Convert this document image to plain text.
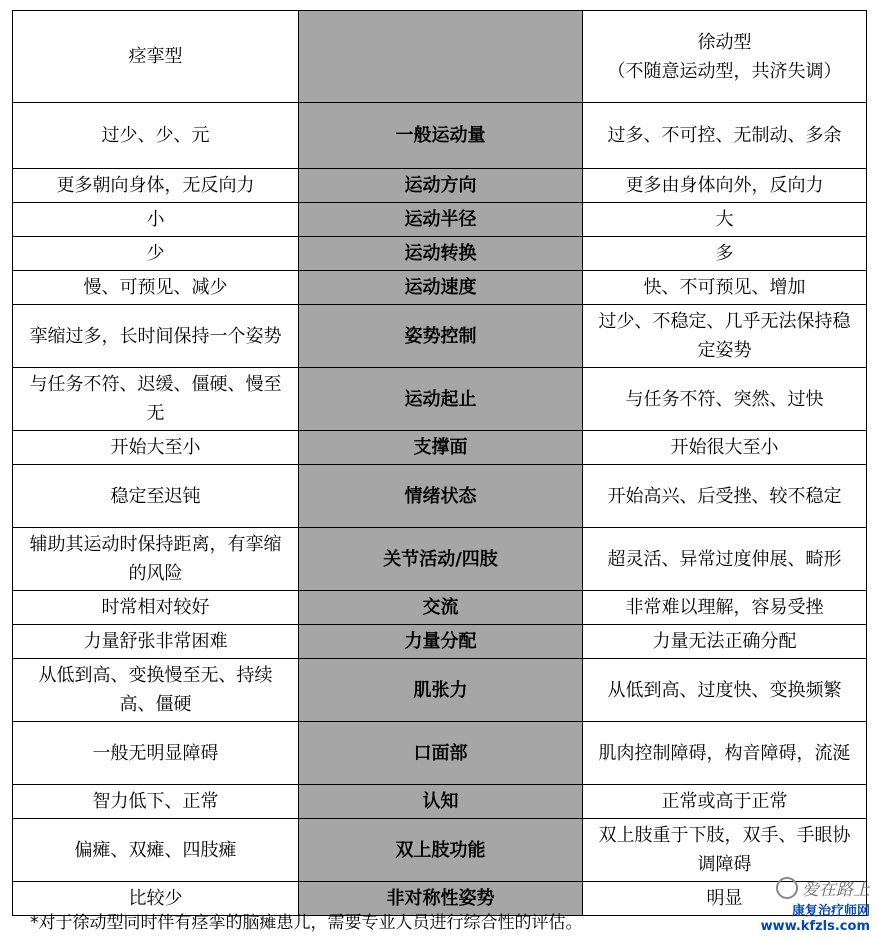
痉挛型		徐动型
（不随意运动型，共济失调）
过少、少、元	一般运动量	过多、不可控、无制动、多余
更多朝向身体，无反向力	运动方向	更多由身体向外，反向力
小	运动半径	大
少	运动转换	多
慢、可预见、减少	运动速度	快、不可预见、增加
挛缩过多，长时间保持一个姿势	姿势控制	过少、不稳定、几乎无法保持稳定姿势
与任务不符、迟缓、僵硬、慢至无	运动起止	与任务不符、突然、过快
开始大至小	支撑面	开始很大至小
稳定至迟钝	情绪状态	开始高兴、后受挫、较不稳定
辅助其运动时保持距离，有挛缩的风险	关节活动/四肢	超灵活、异常过度伸展、畸形
时常相对较好	交流	非常难以理解，容易受挫
力量舒张非常困难	力量分配	力量无法正确分配
从低到高、变换慢至无、持续高、僵硬	肌张力	从低到高、过度快、变换频繁
一般无明显障碍	口面部	肌肉控制障碍，构音障碍，流涎
智力低下、正常	认知	正常或高于正常
偏瘫、双瘫、四肢瘫	双上肢功能	双上肢重于下肢，双手、手眼协调障碍
比较少	非对称性姿势	明显
*对于徐动型同时伴有痉挛的脑瘫患儿，需要专业人员进行综合性的评估。
爱在路上
康复治疗师网
www.kfzls.com
